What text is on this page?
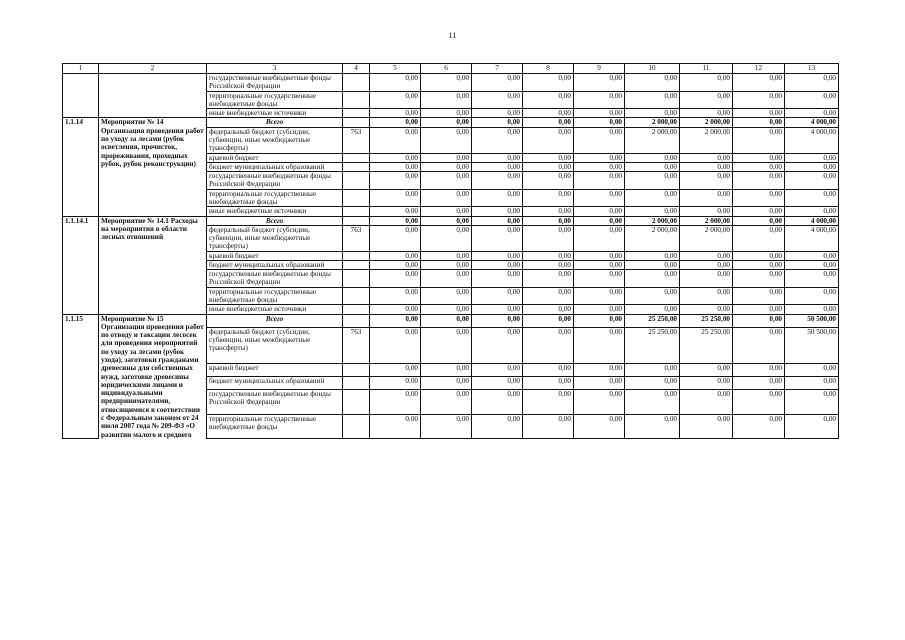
11
1	2	3	4	5	6	7	8	9	10	11	12	13
		государственные внебюджетные фонды Российской Федерации		0,00	0,00	0,00	0,00	0,00	0,00	0,00	0,00	0,00
		территориальные государственные внебюджетные фонды		0,00	0,00	0,00	0,00	0,00	0,00	0,00	0,00	0,00
		иные внебюджетные источники		0,00	0,00	0,00	0,00	0,00	0,00	0,00	0,00	0,00
1.1.14	Мероприятие № 14 Организация проведения работ по уходу за лесами (рубок осветления, прочисток, прореживания, проходных рубок, рубок реконструкции)	Всего		0,00	0,00	0,00	0,00	0,00	2 000,00	2 000,00	0,00	4 000,00
		федеральный бюджет (субсидии, субвенции, иные межбюджетные трансферты)	763	0,00	0,00	0,00	0,00	0,00	2 000,00	2 000,00	0,00	4 000,00
		краевой бюджет		0,00	0,00	0,00	0,00	0,00	0,00	0,00	0,00	0,00
		бюджет муниципальных образований		0,00	0,00	0,00	0,00	0,00	0,00	0,00	0,00	0,00
		государственные внебюджетные фонды Российской Федерации		0,00	0,00	0,00	0,00	0,00	0,00	0,00	0,00	0,00
		территориальные государственные внебюджетные фонды		0,00	0,00	0,00	0,00	0,00	0,00	0,00	0,00	0,00
		иные внебюджетные источники		0,00	0,00	0,00	0,00	0,00	0,00	0,00	0,00	0,00
1.1.14.1	Мероприятие № 14.1 Расходы на мероприятия в области лесных отношений	Всего		0,00	0,00	0,00	0,00	0,00	2 000,00	2 000,00	0,00	4 000,00
		федеральный бюджет (субсидии, субвенции, иные межбюджетные трансферты)	763	0,00	0,00	0,00	0,00	0,00	2 000,00	2 000,00	0,00	4 000,00
		краевой бюджет		0,00	0,00	0,00	0,00	0,00	0,00	0,00	0,00	0,00
		бюджет муниципальных образований		0,00	0,00	0,00	0,00	0,00	0,00	0,00	0,00	0,00
		государственные внебюджетные фонды Российской Федерации		0,00	0,00	0,00	0,00	0,00	0,00	0,00	0,00	0,00
		территориальные государственные внебюджетные фонды		0,00	0,00	0,00	0,00	0,00	0,00	0,00	0,00	0,00
		иные внебюджетные источники		0,00	0,00	0,00	0,00	0,00	0,00	0,00	0,00	0,00
1.1.15	Мероприятие № 15 Организация проведения работ по отводу и таксации лесосек для проведения мероприятий по уходу за лесами (рубок ухода), заготовки гражданами древесины для собственных нужд, заготовке древесины юридическими лицами и индивидуальными предпринимателями, относящимися в соответствии с Федеральным законом от 24 июля 2007 года № 209-ФЗ «О развитии малого и среднего	Всего		0,00	0,00	0,00	0,00	0,00	25 250,00	25 250,00	0,00	50 500,00
		федеральный бюджет (субсидии, субвенции, иные межбюджетные трансферты)	763	0,00	0,00	0,00	0,00	0,00	25 250,00	25 250,00	0,00	50 500,00
		краевой бюджет		0,00	0,00	0,00	0,00	0,00	0,00	0,00	0,00	0,00
		бюджет муниципальных образований		0,00	0,00	0,00	0,00	0,00	0,00	0,00	0,00	0,00
		государственные внебюджетные фонды Российской Федерации		0,00	0,00	0,00	0,00	0,00	0,00	0,00	0,00	0,00
		территориальные государственные внебюджетные фонды		0,00	0,00	0,00	0,00	0,00	0,00	0,00	0,00	0,00
